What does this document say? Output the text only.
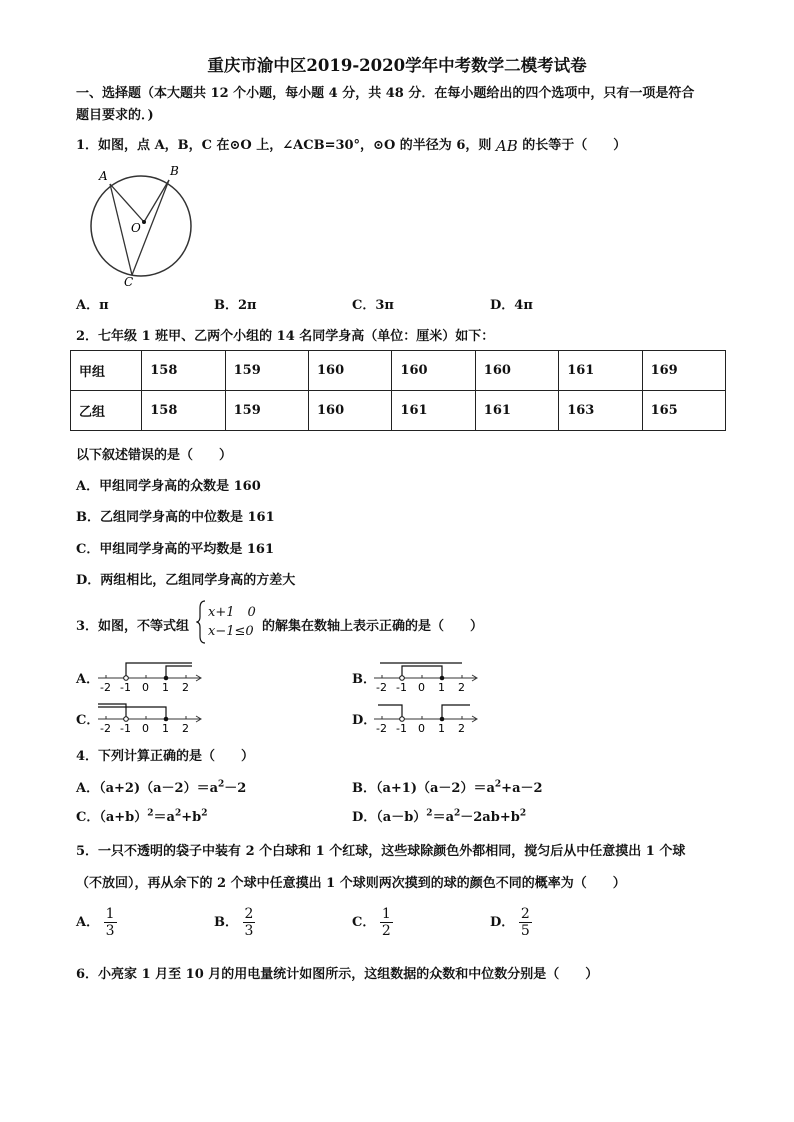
重庆市渝中区2019-2020学年中考数学二模考试卷
一、选择题（本大题共 12 个小题，每小题 4 分，共 48 分．在每小题给出的四个选项中，只有一项是符合
题目要求的．)
1．如图，点 A，B，C 在⊙O 上，∠ACB=30°，⊙O 的半径为 6，则 AB 的长等于（　　）
A	B
O
C
A．π	B．2π	C．3π	D．4π
2．七年级 1 班甲、乙两个小组的 14 名同学身高（单位：厘米）如下：
甲组	158	159	160	160	160	161	169
乙组	158	159	160	161	161	163	165
以下叙述错误的是（　　）
A．甲组同学身高的众数是 160
B．乙组同学身高的中位数是 161
C．甲组同学身高的平均数是 161
D．两组相比，乙组同学身高的方差大
3．如图，不等式组
x+1　0
x−1≤0 的解集在数轴上表示正确的是（　　）
A．
-2 -1 0 1 2
B．
-2 -1 0 1 2
C．
-2 -1 0 1 2
D．
-2 -1 0 1 2
4．下列计算正确的是（　　）
A．$(a+2)(a-2)=a^2-2$	B．$(a+1)(a-2)=a^2+a-2$
C．$(a+b)^2=a^2+b^2$	D．$(a-b)^2=a^2-2ab+b^2$
5．一只不透明的袋子中装有 2 个白球和 1 个红球，这些球除颜色外都相同，搅匀后从中任意摸出 1 个球
（不放回），再从余下的 2 个球中任意摸出 1 个球则两次摸到的球的颜色不同的概率为（　　）
A． $\frac{1}{3}$	B． $\frac{2}{3}$	C． $\frac{1}{2}$	D． $\frac{2}{5}$
6．小亮家 1 月至 10 月的用电量统计如图所示，这组数据的众数和中位数分别是（　　）
